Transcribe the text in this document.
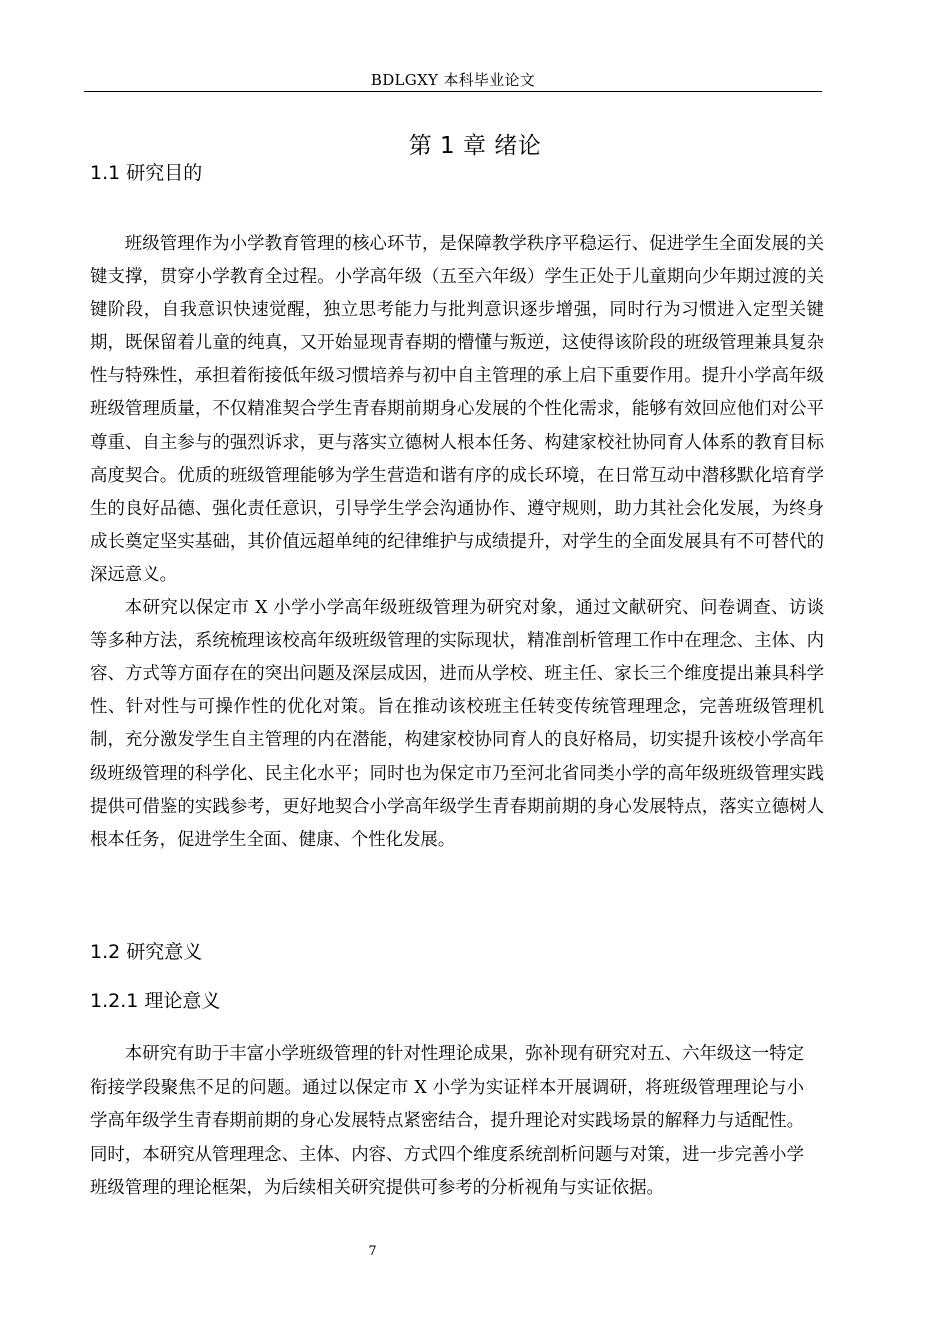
BDLGXY 本科毕业论文
第 1 章 绪论
1.1 研究目的

班级管理作为小学教育管理的核心环节，是保障教学秩序平稳运行、促进学生全面发展的关键支撑，贯穿小学教育全过程。小学高年级（五至六年级）学生正处于儿童期向少年期过渡的关键阶段，自我意识快速觉醒，独立思考能力与批判意识逐步增强，同时行为习惯进入定型关键期，既保留着儿童的纯真，又开始显现青春期的懵懂与叛逆，这使得该阶段的班级管理兼具复杂性与特殊性，承担着衔接低年级习惯培养与初中自主管理的承上启下重要作用。提升小学高年级班级管理质量，不仅精准契合学生青春期前期身心发展的个性化需求，能够有效回应他们对公平尊重、自主参与的强烈诉求，更与落实立德树人根本任务、构建家校社协同育人体系的教育目标高度契合。优质的班级管理能够为学生营造和谐有序的成长环境，在日常互动中潜移默化培育学生的良好品德、强化责任意识，引导学生学会沟通协作、遵守规则，助力其社会化发展，为终身成长奠定坚实基础，其价值远超单纯的纪律维护与成绩提升，对学生的全面发展具有不可替代的深远意义。

本研究以保定市 X 小学小学高年级班级管理为研究对象，通过文献研究、问卷调查、访谈等多种方法，系统梳理该校高年级班级管理的实际现状，精准剖析管理工作中在理念、主体、内容、方式等方面存在的突出问题及深层成因，进而从学校、班主任、家长三个维度提出兼具科学性、针对性与可操作性的优化对策。旨在推动该校班主任转变传统管理理念，完善班级管理机制，充分激发学生自主管理的内在潜能，构建家校协同育人的良好格局，切实提升该校小学高年级班级管理的科学化、民主化水平；同时也为保定市乃至河北省同类小学的高年级班级管理实践提供可借鉴的实践参考，更好地契合小学高年级学生青春期前期的身心发展特点，落实立德树人根本任务，促进学生全面、健康、个性化发展。

1.2 研究意义
1.2.1 理论意义

本研究有助于丰富小学班级管理的针对性理论成果，弥补现有研究对五、六年级这一特定衔接学段聚焦不足的问题。通过以保定市 X 小学为实证样本开展调研，将班级管理理论与小学高年级学生青春期前期的身心发展特点紧密结合，提升理论对实践场景的解释力与适配性。同时，本研究从管理理念、主体、内容、方式四个维度系统剖析问题与对策，进一步完善小学班级管理的理论框架，为后续相关研究提供可参考的分析视角与实证依据。

7
